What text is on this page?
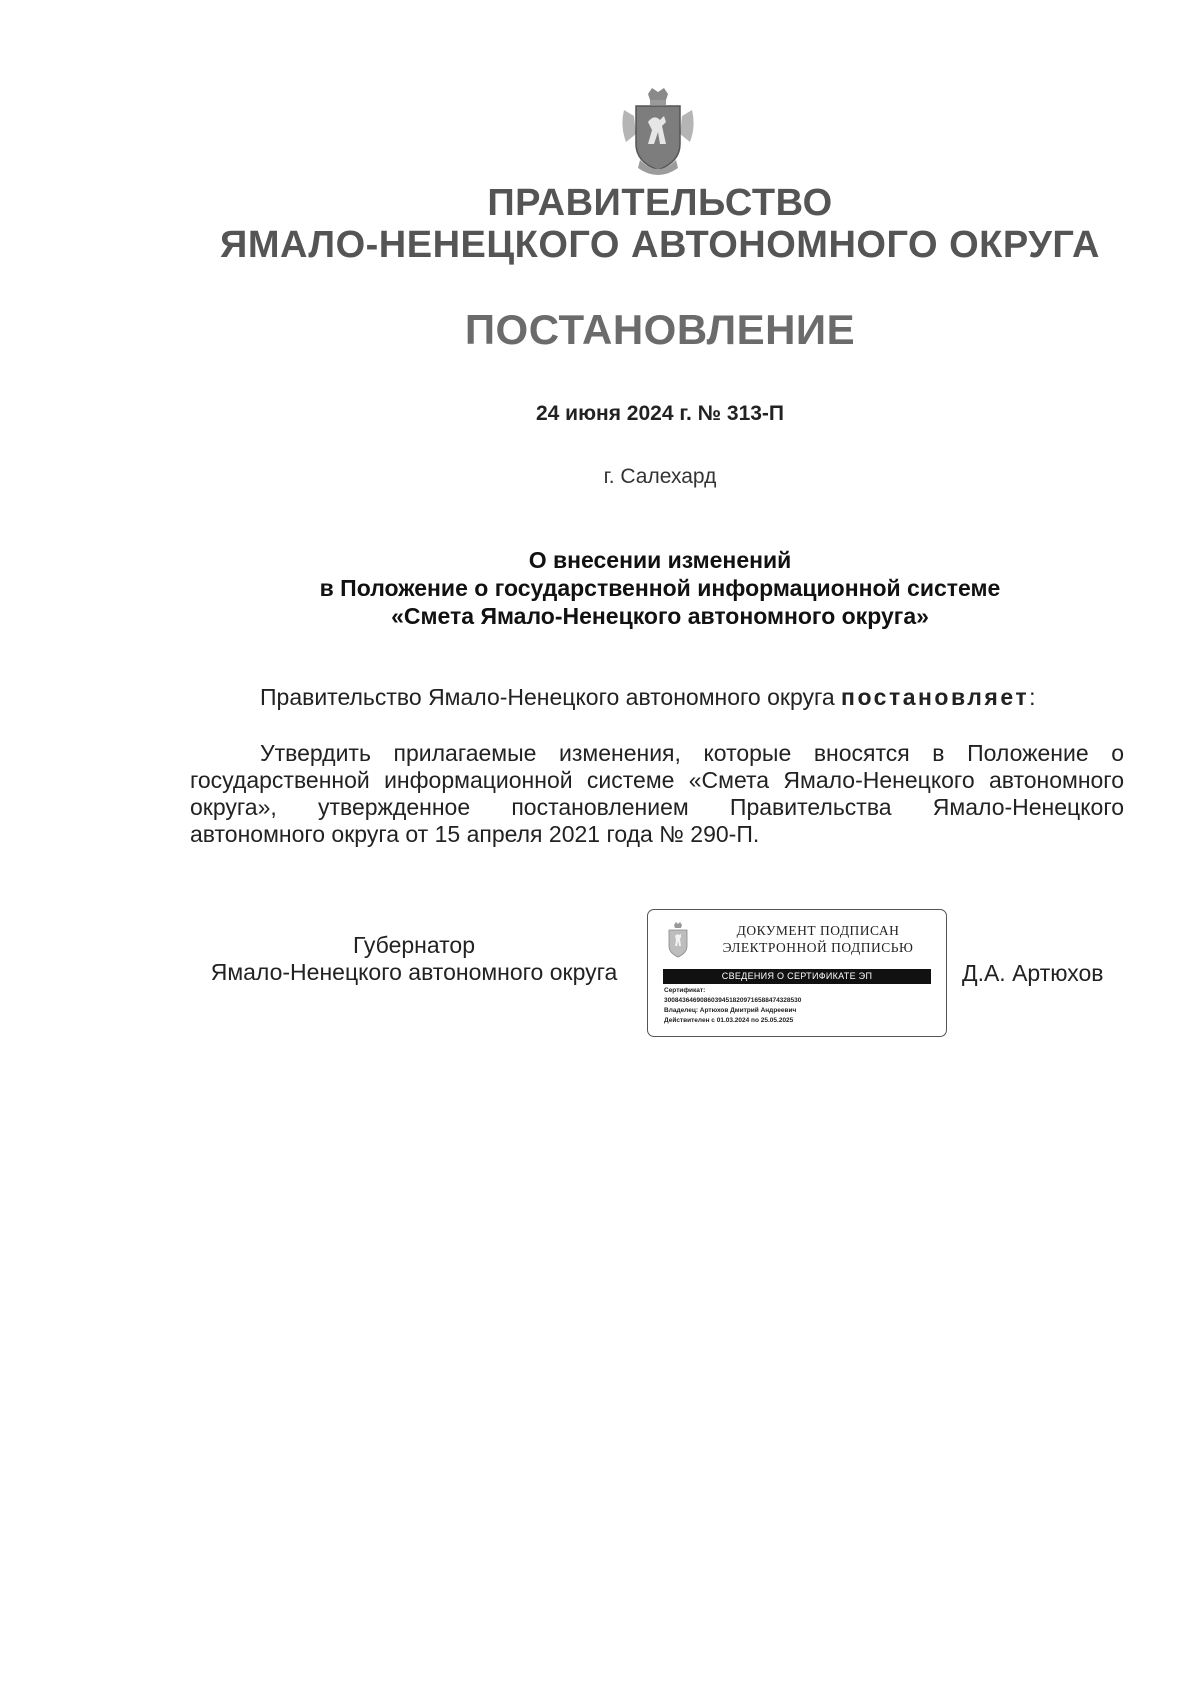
ПРАВИТЕЛЬСТВО
ЯМАЛО-НЕНЕЦКОГО АВТОНОМНОГО ОКРУГА
ПОСТАНОВЛЕНИЕ
24 июня 2024 г. № 313-П
г. Салехард
О внесении изменений
в Положение о государственной информационной системе
«Смета Ямало-Ненецкого автономного округа»
Правительство Ямало-Ненецкого автономного округа постановляет:
Утвердить прилагаемые изменения, которые вносятся в Положение о государственной информационной системе «Смета Ямало-Ненецкого автономного округа», утвержденное постановлением Правительства Ямало-Ненецкого автономного округа от 15 апреля 2021 года № 290-П.
Губернатор
Ямало-Ненецкого автономного округа
ДОКУМЕНТ ПОДПИСАН
ЭЛЕКТРОННОЙ ПОДПИСЬЮ
СВЕДЕНИЯ О СЕРТИФИКАТЕ ЭП
Сертификат:
30084364690860394518209716588474328530
Владелец: Артюхов Дмитрий Андреевич
Действителен с 01.03.2024 по 25.05.2025
Д.А. Артюхов
